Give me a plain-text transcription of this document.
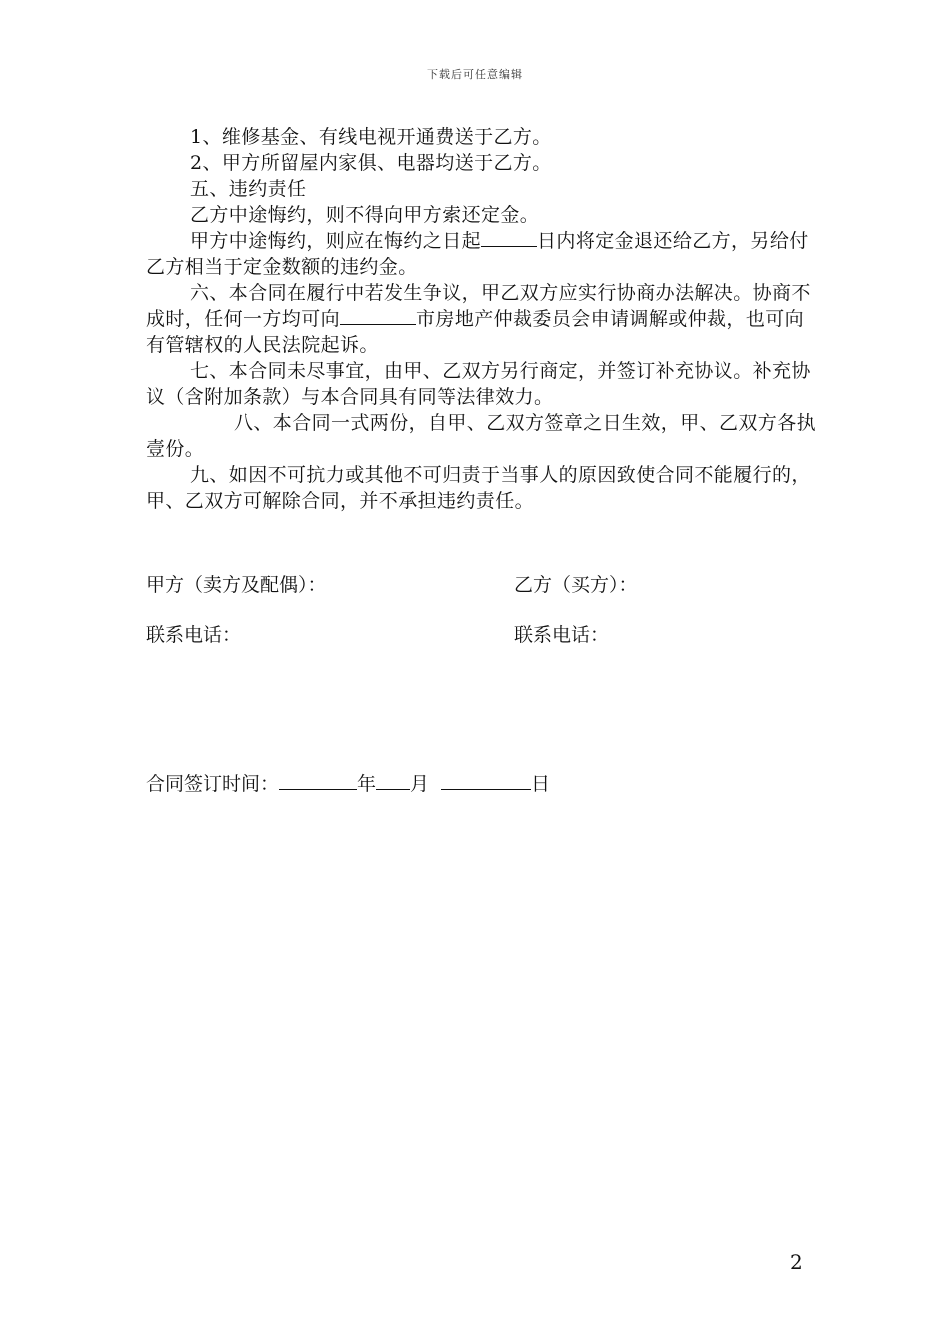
下载后可任意编辑

1、维修基金、有线电视开通费送于乙方。

2、甲方所留屋内家俱、电器均送于乙方。

五、违约责任

乙方中途悔约，则不得向甲方索还定金。

甲方中途悔约，则应在悔约之日起	日内将定金退还给乙方，另给付乙方相当于定金数额的违约金。

六、本合同在履行中若发生争议，甲乙双方应实行协商办法解决。协商不成时，任何一方均可向	市房地产仲裁委员会申请调解或仲裁，也可向有管辖权的人民法院起诉。

七、本合同未尽事宜，由甲、乙双方另行商定，并签订补充协议。补充协议（含附加条款）与本合同具有同等法律效力。

八、本合同一式两份，自甲、乙双方签章之日生效，甲、乙双方各执壹份。

九、如因不可抗力或其他不可归责于当事人的原因致使合同不能履行的，甲、乙双方可解除合同，并不承担违约责任。

甲方（卖方及配偶）：	乙方（买方）：
联系电话：	联系电话：
合同签订时间：	年 月	日
2
